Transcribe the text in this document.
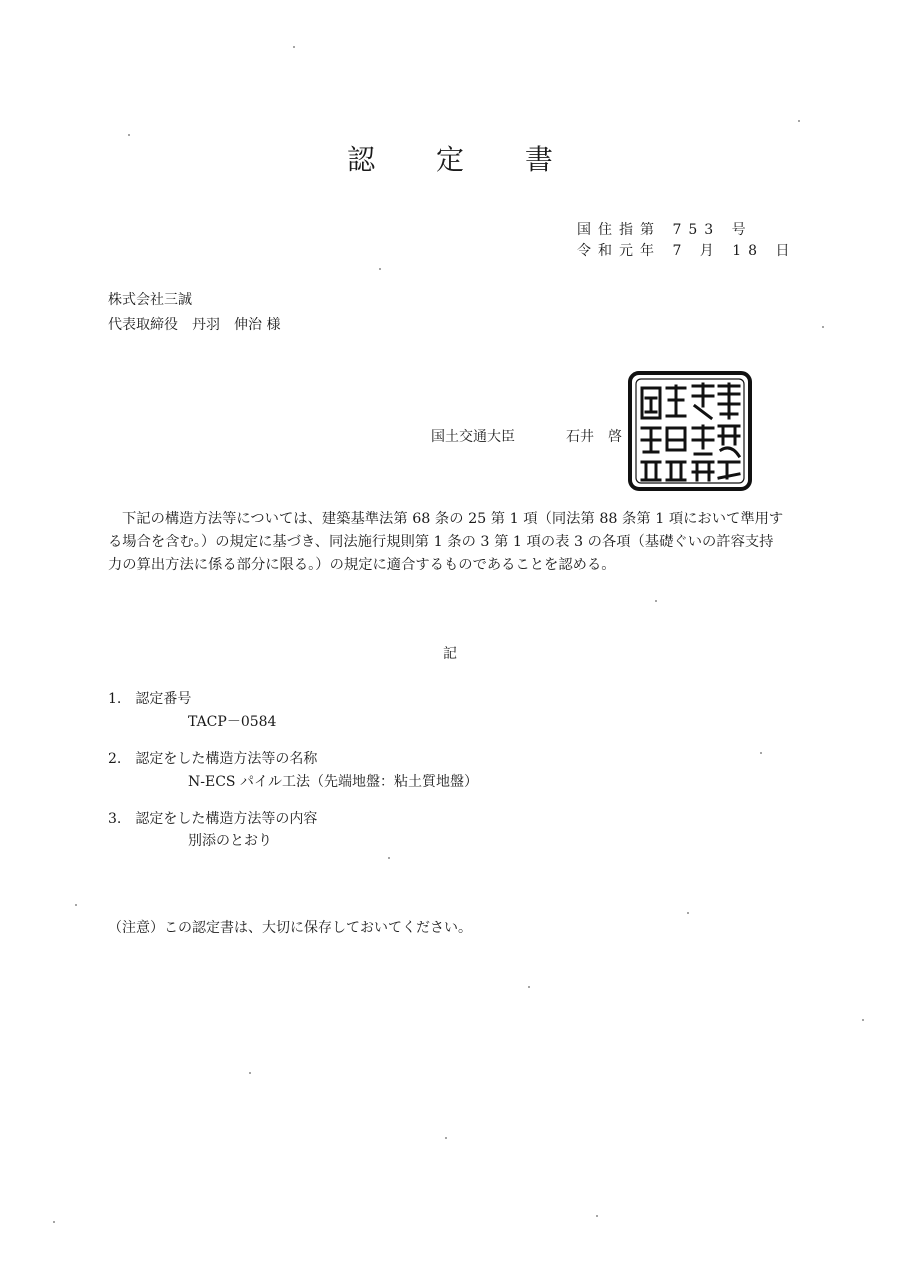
認 定 書
国住指第 753 号
令和元年 7 月 18 日
株式会社三誠
代表取締役　丹羽　伸治 様
国土交通大臣	石井　啓
下記の構造方法等については、建築基準法第 68 条の 25 第 1 項（同法第 88 条第 1 項において準用する場合を含む。）の規定に基づき、同法施行規則第 1 条の 3 第 1 項の表 3 の各項（基礎ぐいの許容支持力の算出方法に係る部分に限る。）の規定に適合するものであることを認める。
記
1.　認定番号
TACP－0584
2.　認定をした構造方法等の名称
N-ECS パイル工法（先端地盤：粘土質地盤）
3.　認定をした構造方法等の内容
別添のとおり
（注意）この認定書は、大切に保存しておいてください。
